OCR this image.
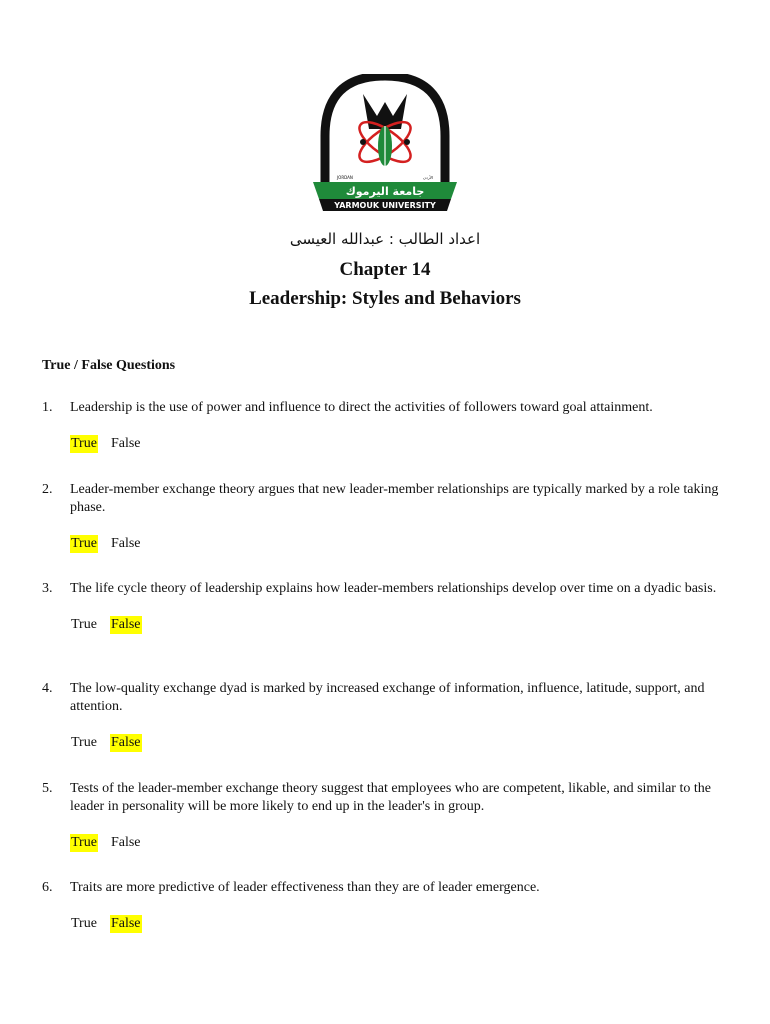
جامعة اليرموك
YARMOUK UNIVERSITY
JORDAN	الأردن
اعداد الطالب : عبدالله العيسى
Chapter 14
Leadership: Styles and Behaviors
True / False Questions
1. Leadership is the use of power and influence to direct the activities of followers toward goal attainment.
True False
2. Leader-member exchange theory argues that new leader-member relationships are typically marked by a role taking phase.
True False
3. The life cycle theory of leadership explains how leader-members relationships develop over time on a dyadic basis.
True False
4. The low-quality exchange dyad is marked by increased exchange of information, influence, latitude, support, and attention.
True False
5. Tests of the leader-member exchange theory suggest that employees who are competent, likable, and similar to the leader in personality will be more likely to end up in the leader's in group.
True False
6. Traits are more predictive of leader effectiveness than they are of leader emergence.
True False
